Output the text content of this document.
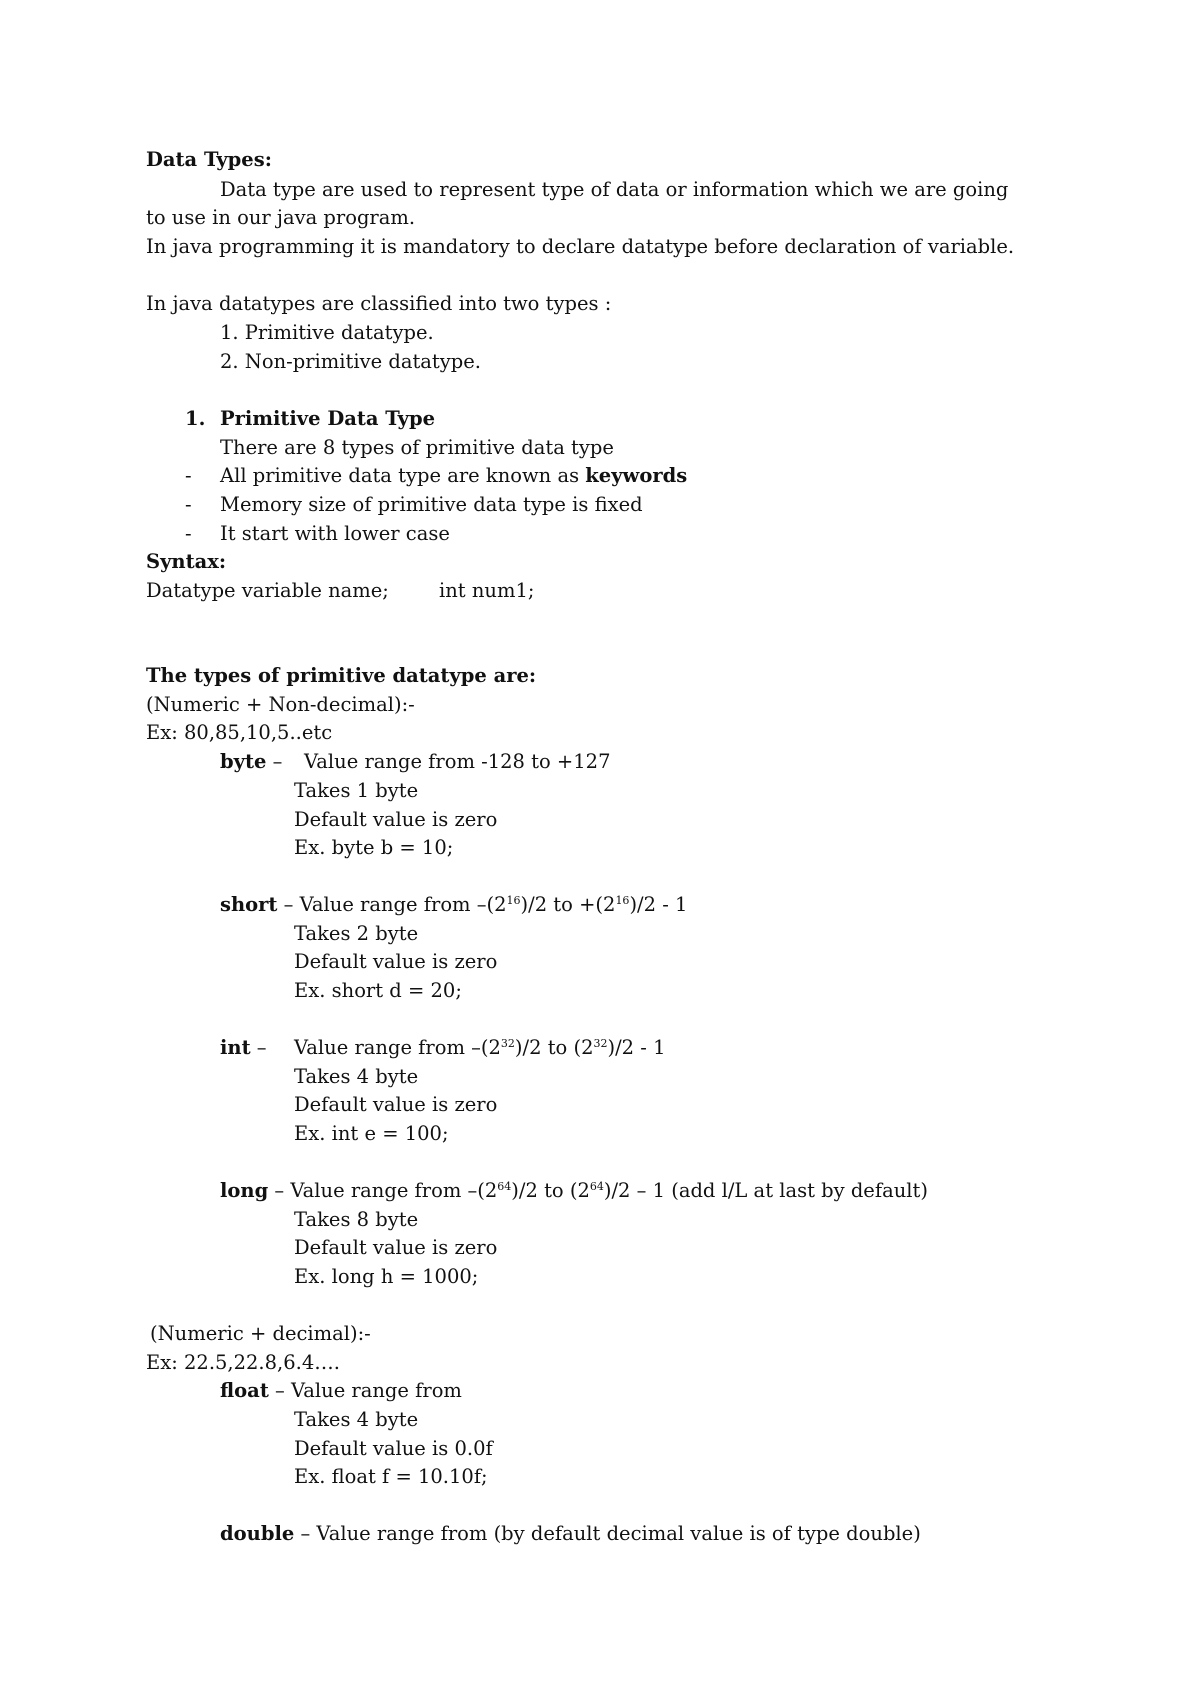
Data Types:
Data type are used to represent type of data or information which we are going
to use in our java program.
In java programming it is mandatory to declare datatype before declaration of variable.
In java datatypes are classified into two types :
1. Primitive datatype.
2. Non-primitive datatype.
1. Primitive Data Type
There are 8 types of primitive data type
- All primitive data type are known as keywords
- Memory size of primitive data type is fixed
- It start with lower case
Syntax:
Datatype variable name;	int num1;
The types of primitive datatype are:
(Numeric + Non-decimal):-
Ex: 80,85,10,5..etc
byte – Value range from -128 to +127
Takes 1 byte
Default value is zero
Ex. byte b = 10;
short – Value range from $-(2^{16})/2$ to $+(2^{16})/2 - 1$
Takes 2 byte
Default value is zero
Ex. short d = 20;
int – Value range from $-(2^{32})/2$ to $(2^{32})/2 - 1$
Takes 4 byte
Default value is zero
Ex. int e = 100;
long – Value range from $-(2^{64})/2$ to $(2^{64})/2 - 1$ (add l/L at last by default)
Takes 8 byte
Default value is zero
Ex. long h = 1000;
(Numeric + decimal):-
Ex: 22.5,22.8,6.4….
float – Value range from
Takes 4 byte
Default value is 0.0f
Ex. float f = 10.10f;
double – Value range from (by default decimal value is of type double)
